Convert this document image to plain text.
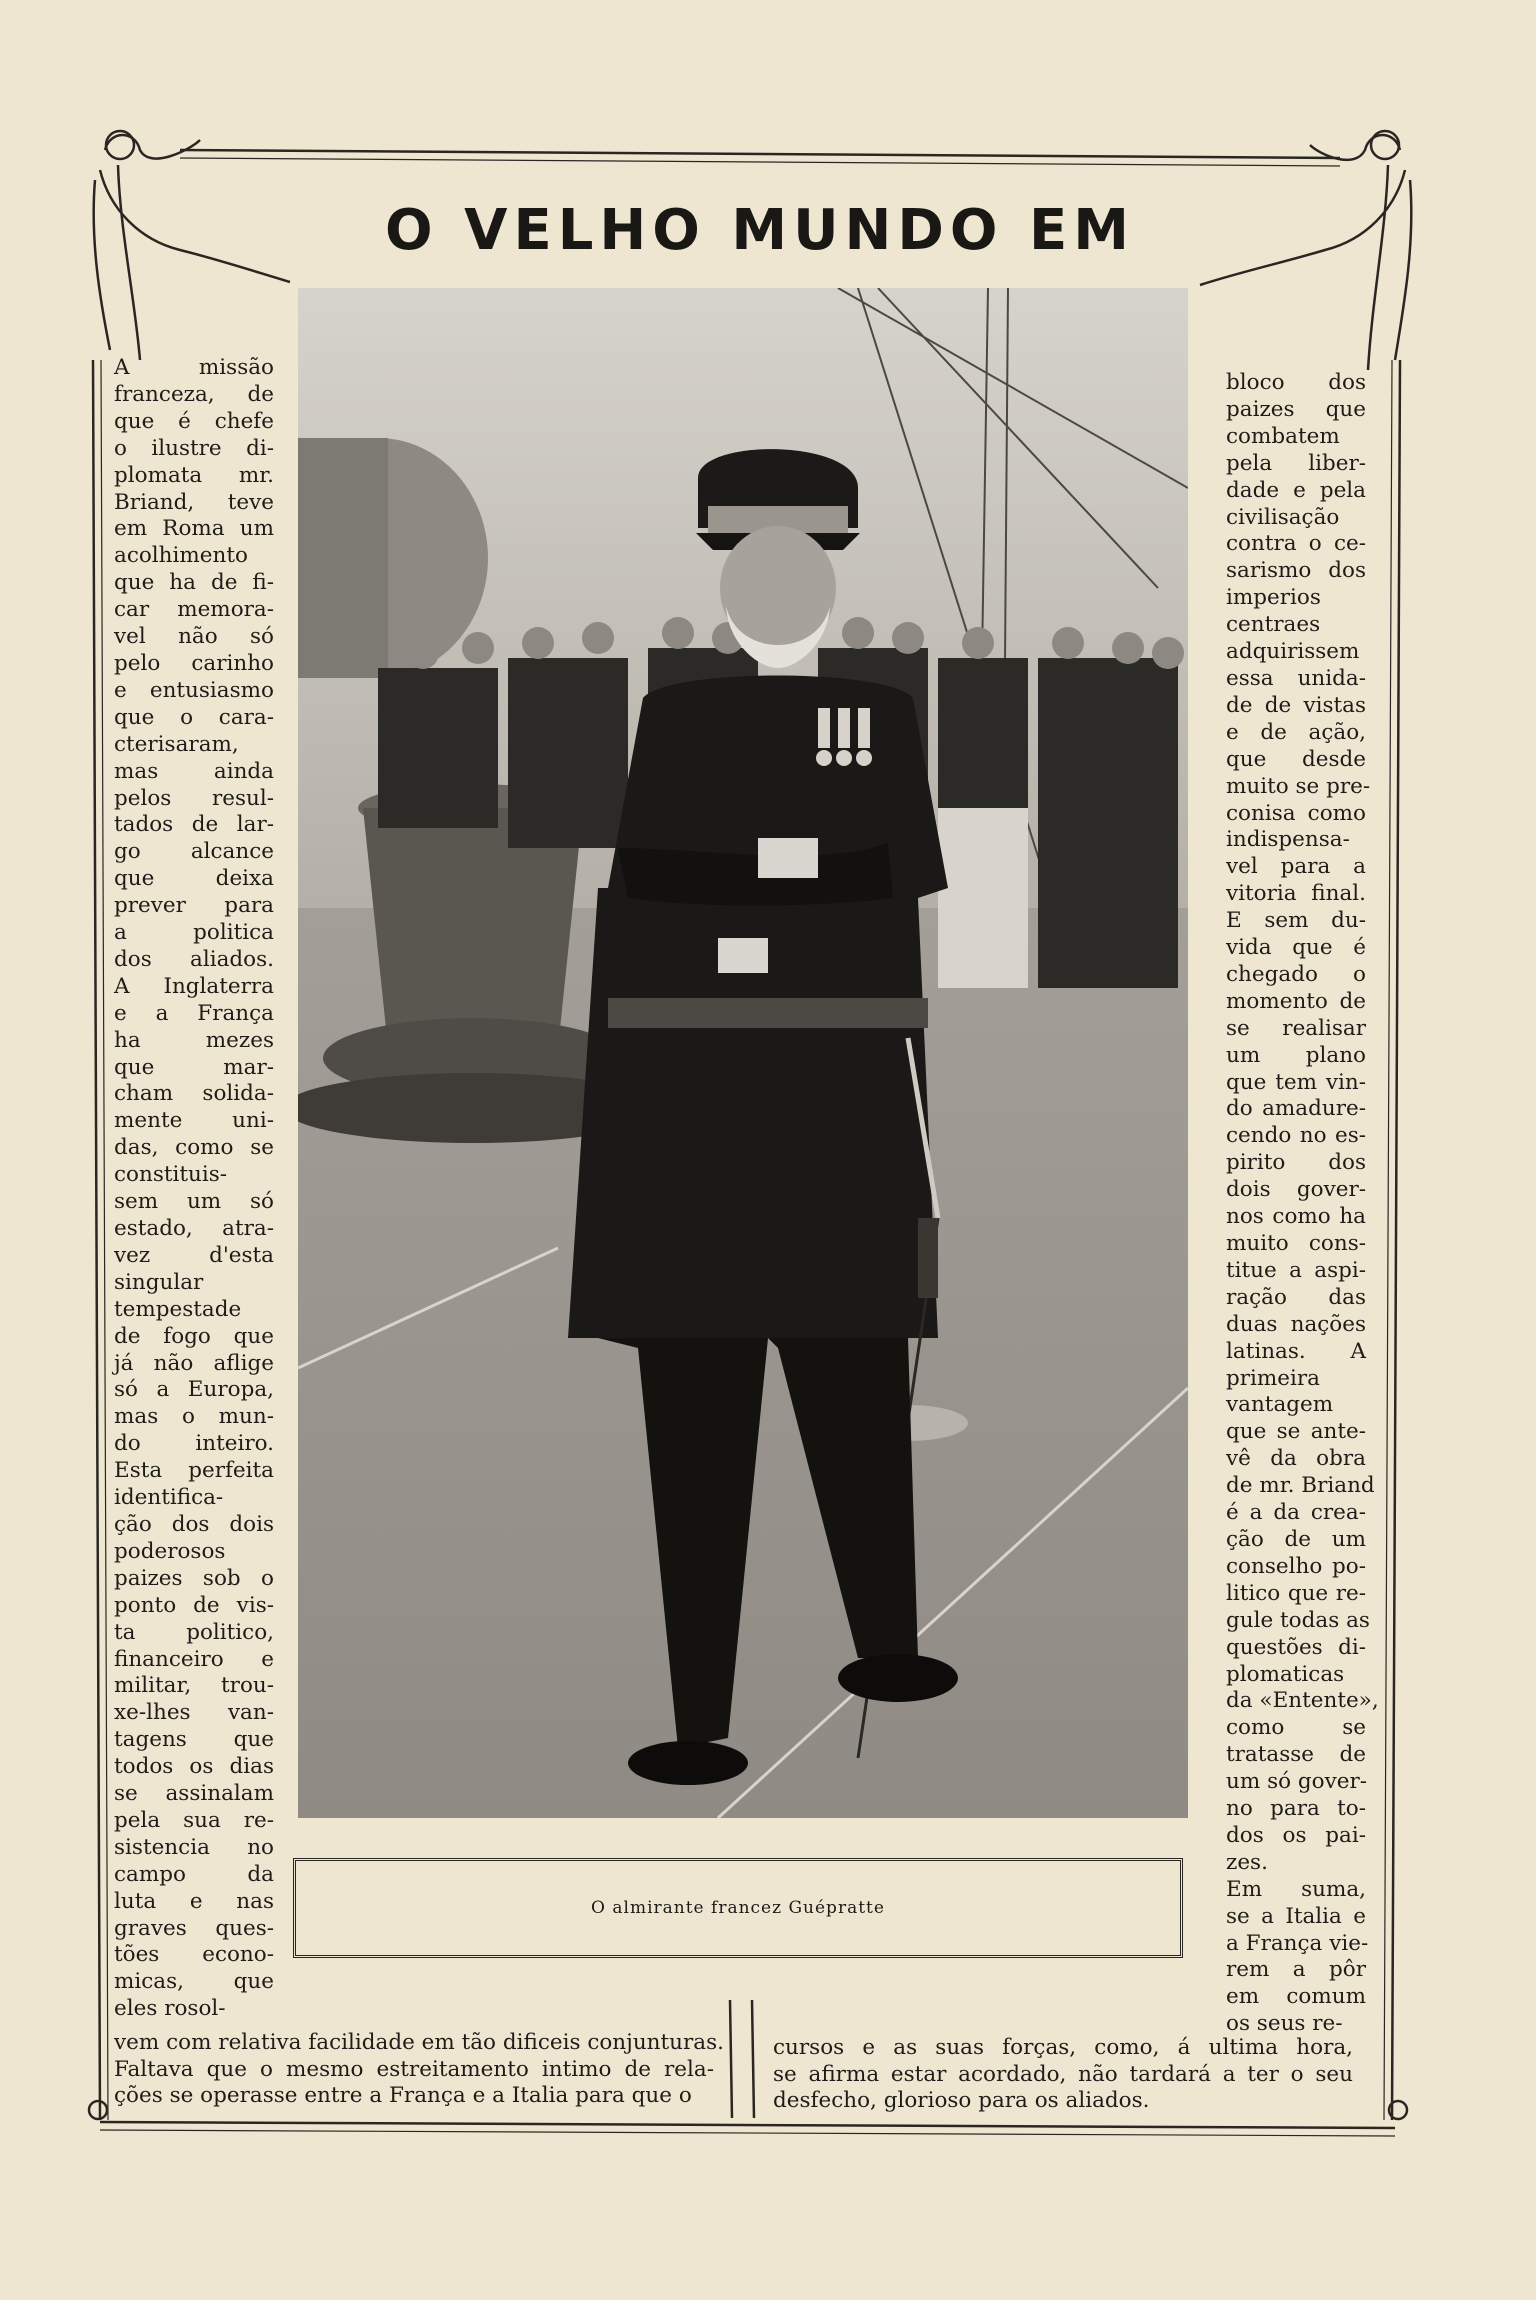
O VELHO MUNDO EM
O almirante francez Guépratte
A missão
franceza, de
que é chefe
o ilustre di-
plomata mr.
Briand, teve
em Roma um
acolhimento
que ha de fi-
car memora-
vel não só
pelo carinho
e entusiasmo
que o cara-
cterisaram,
mas ainda
pelos resul-
tados de lar-
go alcance
que deixa
prever para
a politica
dos aliados.
A Inglaterra
e a França
ha mezes
que mar-
cham solida-
mente uni-
das, como se
constituis-
sem um só
estado, atra-
vez d'esta
singular
tempestade
de fogo que
já não aflige
só a Europa,
mas o mun-
do inteiro.
Esta perfeita
identifica-
ção dos dois
poderosos
paizes sob o
ponto de vis-
ta politico,
financeiro e
militar, trou-
xe-lhes van-
tagens que
todos os dias
se assinalam
pela sua re-
sistencia no
campo da
luta e nas
graves ques-
tões econo-
micas, que
eles rosol-
bloco dos
paizes que
combatem
pela liber-
dade e pela
civilisação
contra o ce-
sarismo dos
imperios
centraes
adquirissem
essa unida-
de de vistas
e de ação,
que desde
muito se pre-
conisa como
indispensa-
vel para a
vitoria final.
E sem du-
vida que é
chegado o
momento de
se realisar
um plano
que tem vin-
do amadure-
cendo no es-
pirito dos
dois gover-
nos como ha
muito cons-
titue a aspi-
ração das
duas nações
latinas. A
primeira
vantagem
que se ante-
vê da obra
de mr. Briand
é a da crea-
ção de um
conselho po-
litico que re-
gule todas as
questões di-
plomaticas
da «Entente»,
como se
tratasse de
um só gover-
no para to-
dos os pai-
zes.
Em suma,
se a Italia e
a França vie-
rem a pôr
em comum
os seus re-
vem com relativa facilidade em tão dificeis conjunturas.
Faltava que o mesmo estreitamento intimo de rela-
ções se operasse entre a França e a Italia para que o
cursos e as suas forças, como, á ultima hora,
se afirma estar acordado, não tardará a ter o seu
desfecho, glorioso para os aliados.
